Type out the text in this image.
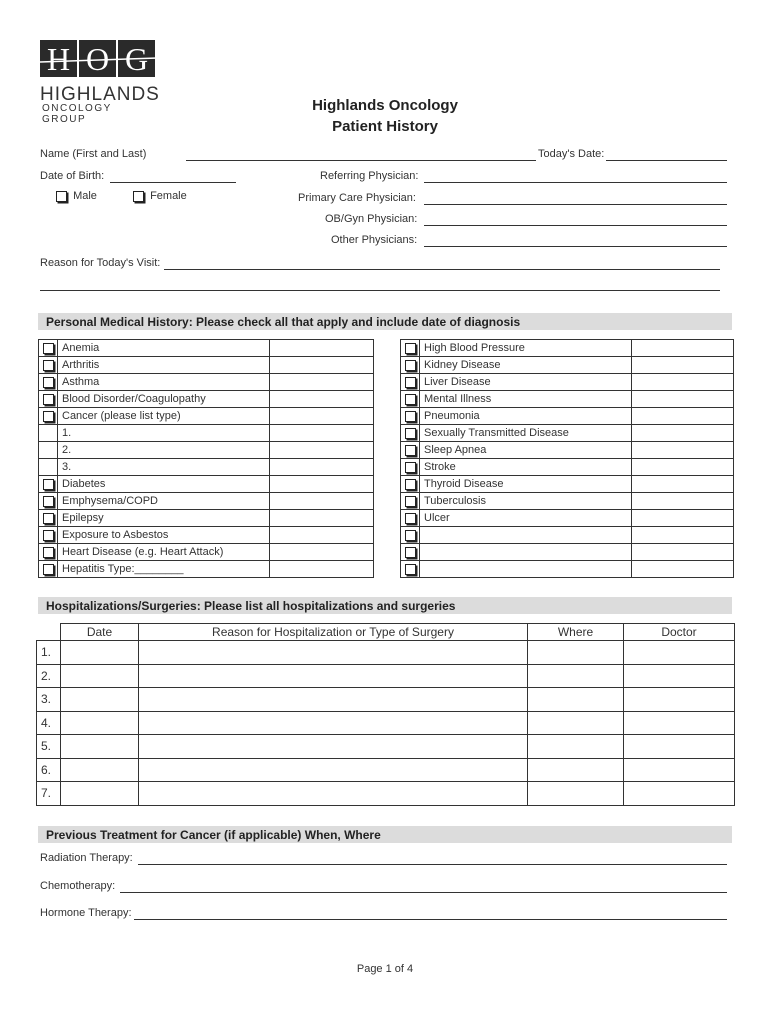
H O G
HIGHLANDS
ONCOLOGY GROUP
Highlands Oncology
Patient History
Name (First and Last)	Today's Date:
Date of Birth:	Referring Physician:
Male	Female	Primary Care Physician:
OB/Gyn Physician:
Other Physicians:
Reason for Today's Visit:
Personal Medical History: Please check all that apply and include date of diagnosis
	Anemia	
	Arthritis	
	Asthma	
	Blood Disorder/Coagulopathy	
	Cancer (please list type)	
	1.	
	2.	
	3.	
	Diabetes	
	Emphysema/COPD	
	Epilepsy	
	Exposure to Asbestos	
	Heart Disease (e.g. Heart Attack)	
	Hepatitis Type:________	
	High Blood Pressure	
	Kidney Disease	
	Liver Disease	
	Mental Illness	
	Pneumonia	
	Sexually Transmitted Disease	
	Sleep Apnea	
	Stroke	
	Thyroid Disease	
	Tuberculosis	
	Ulcer	

Hospitalizations/Surgeries: Please list all hospitalizations and surgeries
	Date	Reason for Hospitalization or Type of Surgery	Where	Doctor
1.				
2.				
3.				
4.				
5.				
6.				
7.				
Previous Treatment for Cancer (if applicable) When, Where
Radiation Therapy:
Chemotherapy:
Hormone Therapy:
Page 1 of 4
